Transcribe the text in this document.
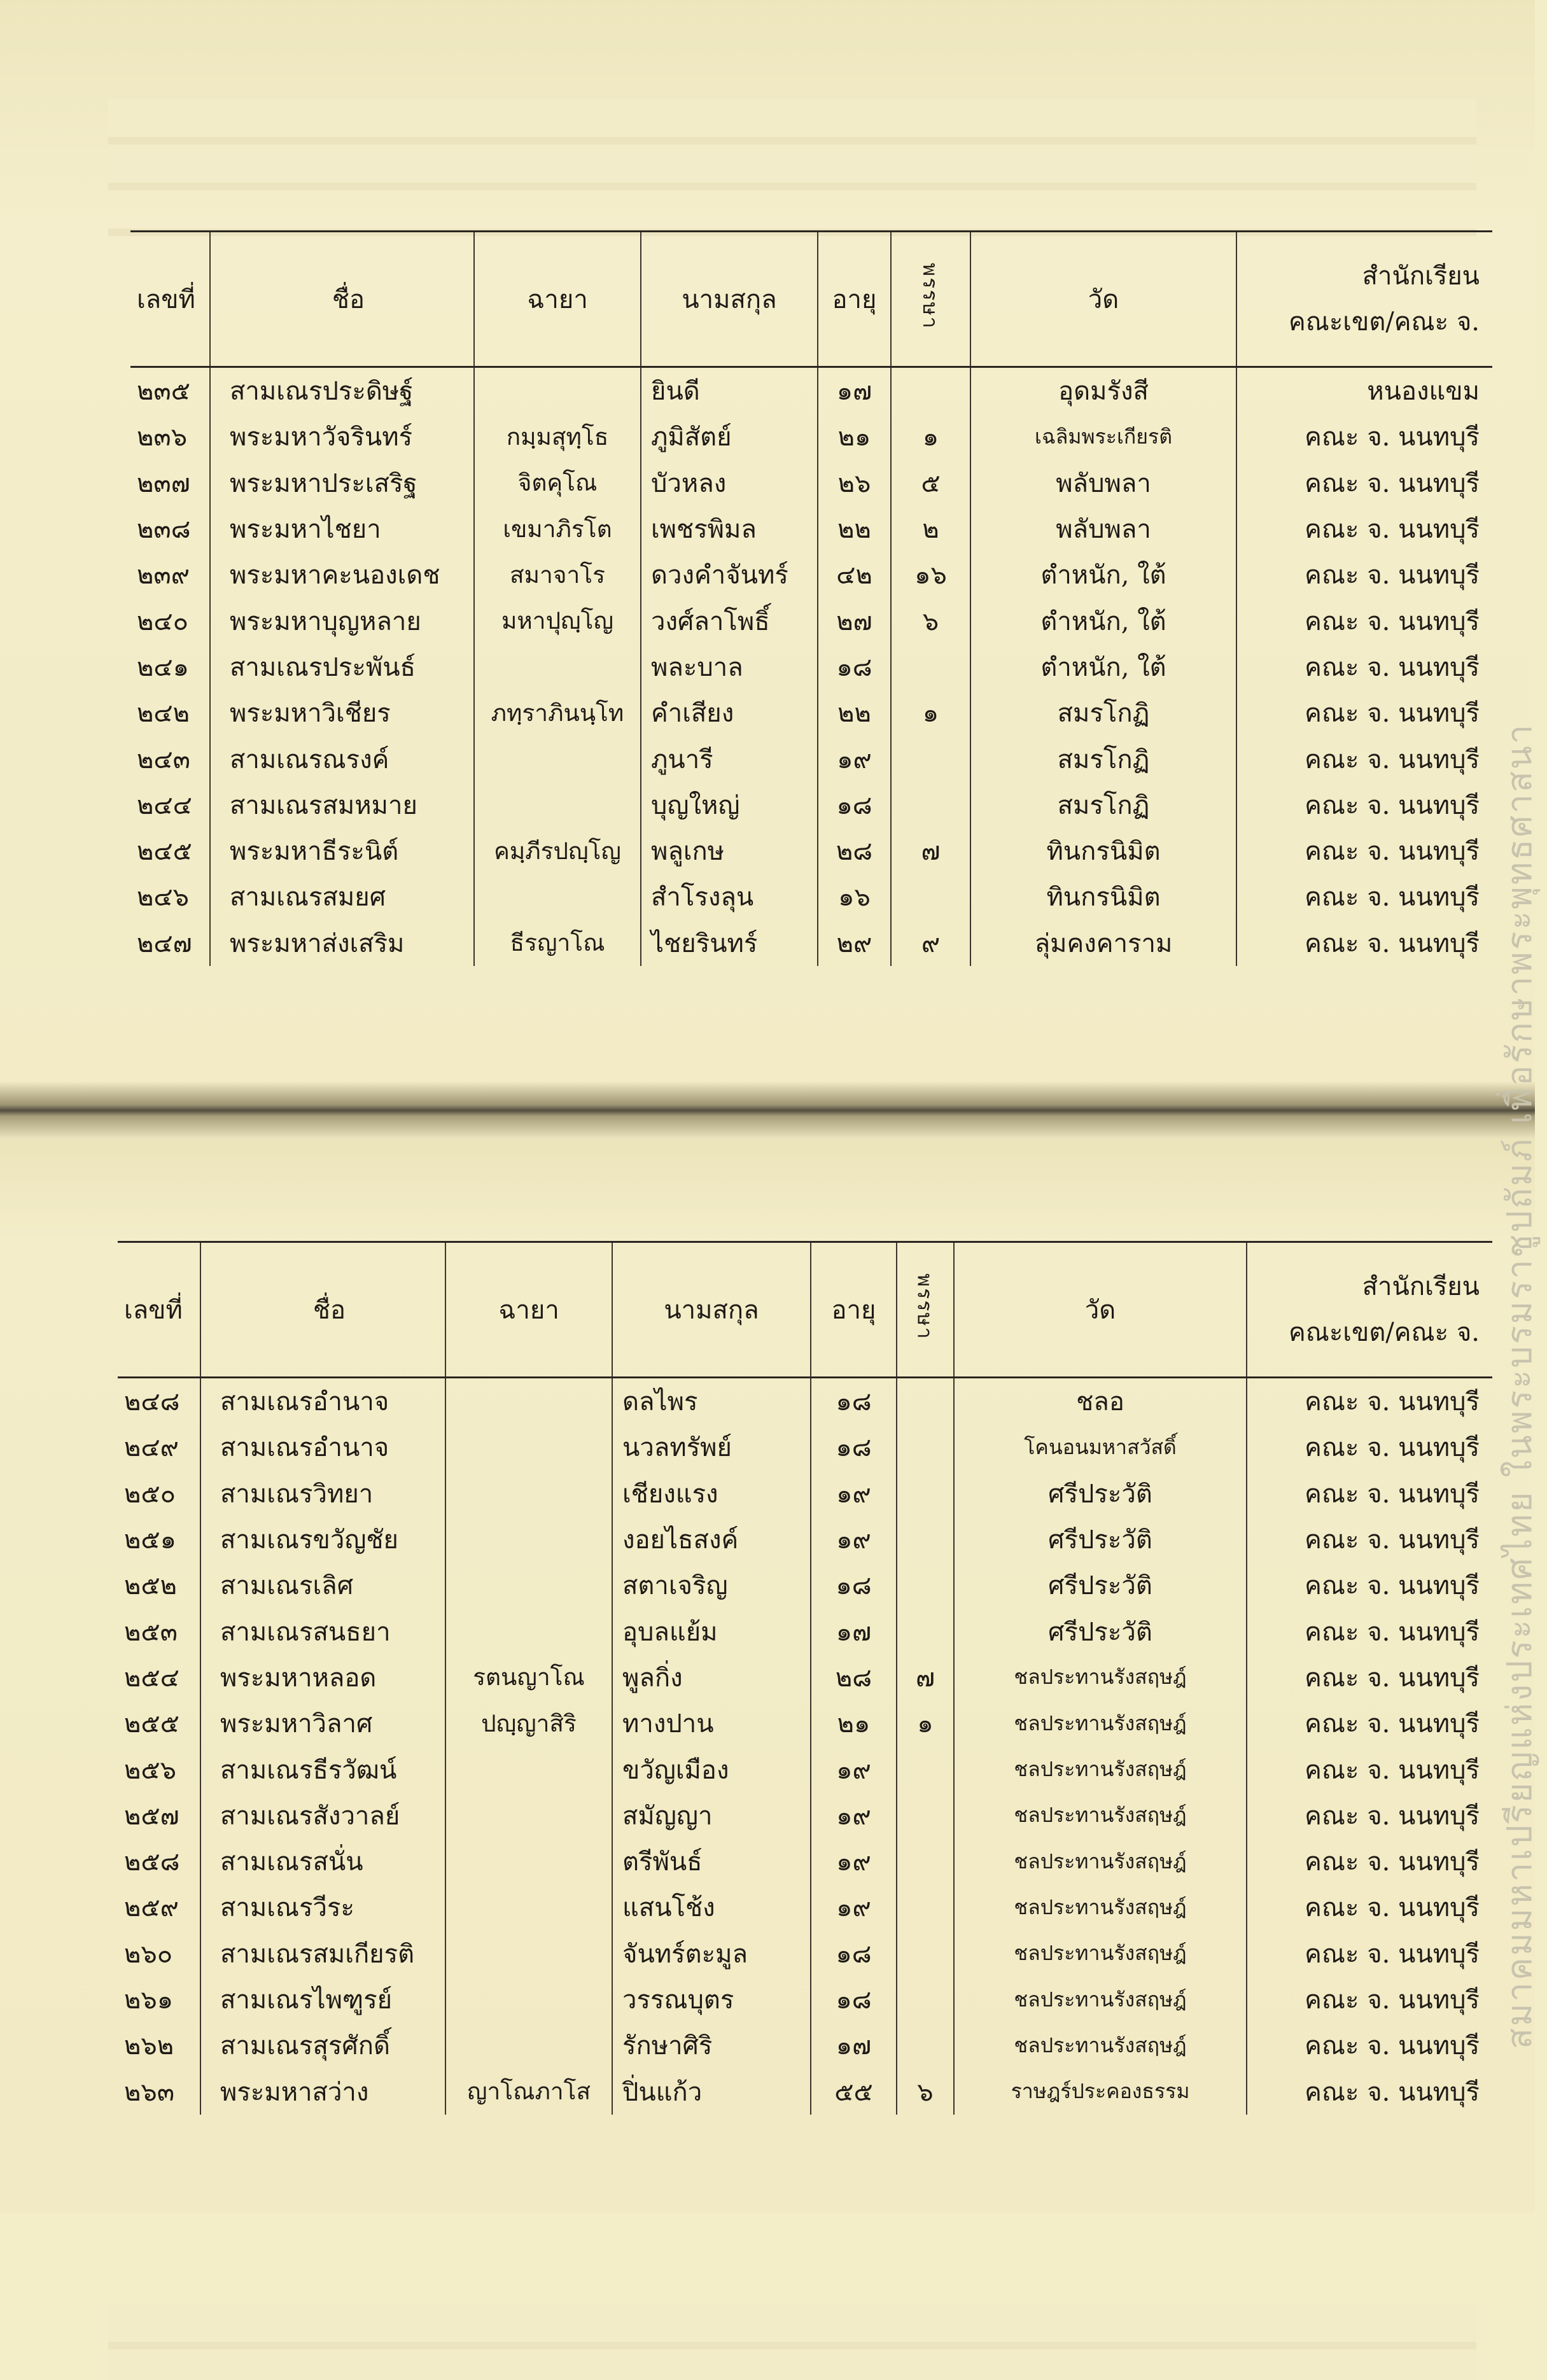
เลขที่	ชื่อ	ฉายา	นามสกุล	อายุ	พรรษา	วัด	สำนักเรียน
คณะเขต/คณะ จ.

๒๓๕	สามเณรประดิษฐ์		ยินดี	๑๗		อุดมรังสี	หนองแขม
๒๓๖	พระมหาวัจรินทร์	กมฺมสุทฺโธ	ภูมิสัตย์	๒๑	๑	เฉลิมพระเกียรติ	คณะ จ. นนทบุรี
๒๓๗	พระมหาประเสริฐ	จิตคุโณ	บัวหลง	๒๖	๕	พลับพลา	คณะ จ. นนทบุรี
๒๓๘	พระมหาไชยา	เขมาภิรโต	เพชรพิมล	๒๒	๒	พลับพลา	คณะ จ. นนทบุรี
๒๓๙	พระมหาคะนองเดช	สมาจาโร	ดวงคำจันทร์	๔๒	๑๖	ตำหนัก, ใต้	คณะ จ. นนทบุรี
๒๔๐	พระมหาบุญหลาย	มหาปุญฺโญ	วงศ์ลาโพธิ์	๒๗	๖	ตำหนัก, ใต้	คณะ จ. นนทบุรี
๒๔๑	สามเณรประพันธ์		พละบาล	๑๘		ตำหนัก, ใต้	คณะ จ. นนทบุรี
๒๔๒	พระมหาวิเชียร	ภทฺราภินนฺโท	คำเสียง	๒๒	๑	สมรโกฏิ	คณะ จ. นนทบุรี
๒๔๓	สามเณรณรงค์		ภูนารี	๑๙		สมรโกฏิ	คณะ จ. นนทบุรี
๒๔๔	สามเณรสมหมาย		บุญใหญ่	๑๘		สมรโกฏิ	คณะ จ. นนทบุรี
๒๔๕	พระมหาธีระนิต์	คมฺภีรปญฺโญ	พลูเกษ	๒๘	๗	ทินกรนิมิต	คณะ จ. นนทบุรี
๒๔๖	สามเณรสมยศ		สำโรงลุน	๑๖		ทินกรนิมิต	คณะ จ. นนทบุรี
๒๔๗	พระมหาส่งเสริม	ธีรญาโณ	ไชยรินทร์	๒๙	๙	ลุ่มคงคาราม	คณะ จ. นนทบุรี
เลขที่	ชื่อ	ฉายา	นามสกุล	อายุ	พรรษา	วัด	สำนักเรียน
คณะเขต/คณะ จ.

๒๔๘	สามเณรอำนาจ		ดลไพร	๑๘		ชลอ	คณะ จ. นนทบุรี
๒๔๙	สามเณรอำนาจ		นวลทรัพย์	๑๘		โคนอนมหาสวัสดิ์	คณะ จ. นนทบุรี
๒๕๐	สามเณรวิทยา		เชียงแรง	๑๙		ศรีประวัติ	คณะ จ. นนทบุรี
๒๕๑	สามเณรขวัญชัย		งอยไธสงค์	๑๙		ศรีประวัติ	คณะ จ. นนทบุรี
๒๕๒	สามเณรเลิศ		สตาเจริญ	๑๘		ศรีประวัติ	คณะ จ. นนทบุรี
๒๕๓	สามเณรสนธยา		อุบลแย้ม	๑๗		ศรีประวัติ	คณะ จ. นนทบุรี
๒๕๔	พระมหาหลอด	รตนญาโณ	พูลกิ่ง	๒๘	๗	ชลประทานรังสฤษฎ์	คณะ จ. นนทบุรี
๒๕๕	พระมหาวิลาศ	ปญฺญาสิริ	ทางปาน	๒๑	๑	ชลประทานรังสฤษฎ์	คณะ จ. นนทบุรี
๒๕๖	สามเณรธีรวัฒน์		ขวัญเมือง	๑๙		ชลประทานรังสฤษฎ์	คณะ จ. นนทบุรี
๒๕๗	สามเณรสังวาลย์		สมัญญา	๑๙		ชลประทานรังสฤษฎ์	คณะ จ. นนทบุรี
๒๕๘	สามเณรสนั่น		ตรีพันธ์	๑๙		ชลประทานรังสฤษฎ์	คณะ จ. นนทบุรี
๒๕๙	สามเณรวีระ		แสนโช้ง	๑๙		ชลประทานรังสฤษฎ์	คณะ จ. นนทบุรี
๒๖๐	สามเณรสมเกียรติ		จันทร์ตะมูล	๑๘		ชลประทานรังสฤษฎ์	คณะ จ. นนทบุรี
๒๖๑	สามเณรไพฑูรย์		วรรณบุตร	๑๘		ชลประทานรังสฤษฎ์	คณะ จ. นนทบุรี
๒๖๒	สามเณรสุรศักดิ์		รักษาศิริ	๑๗		ชลประทานรังสฤษฎ์	คณะ จ. นนทบุรี
๒๖๓	พระมหาสว่าง	ญาโณภาโส	ปิ่นแก้ว	๕๕	๖	ราษฎร์ประคองธรรม	คณะ จ. นนทบุรี
สมาคมมหาเปรียญแห่งประเทศไทย ในพระบรมราชูปถัมภ์ เพื่อรักษาพระพุทธศาสนา
